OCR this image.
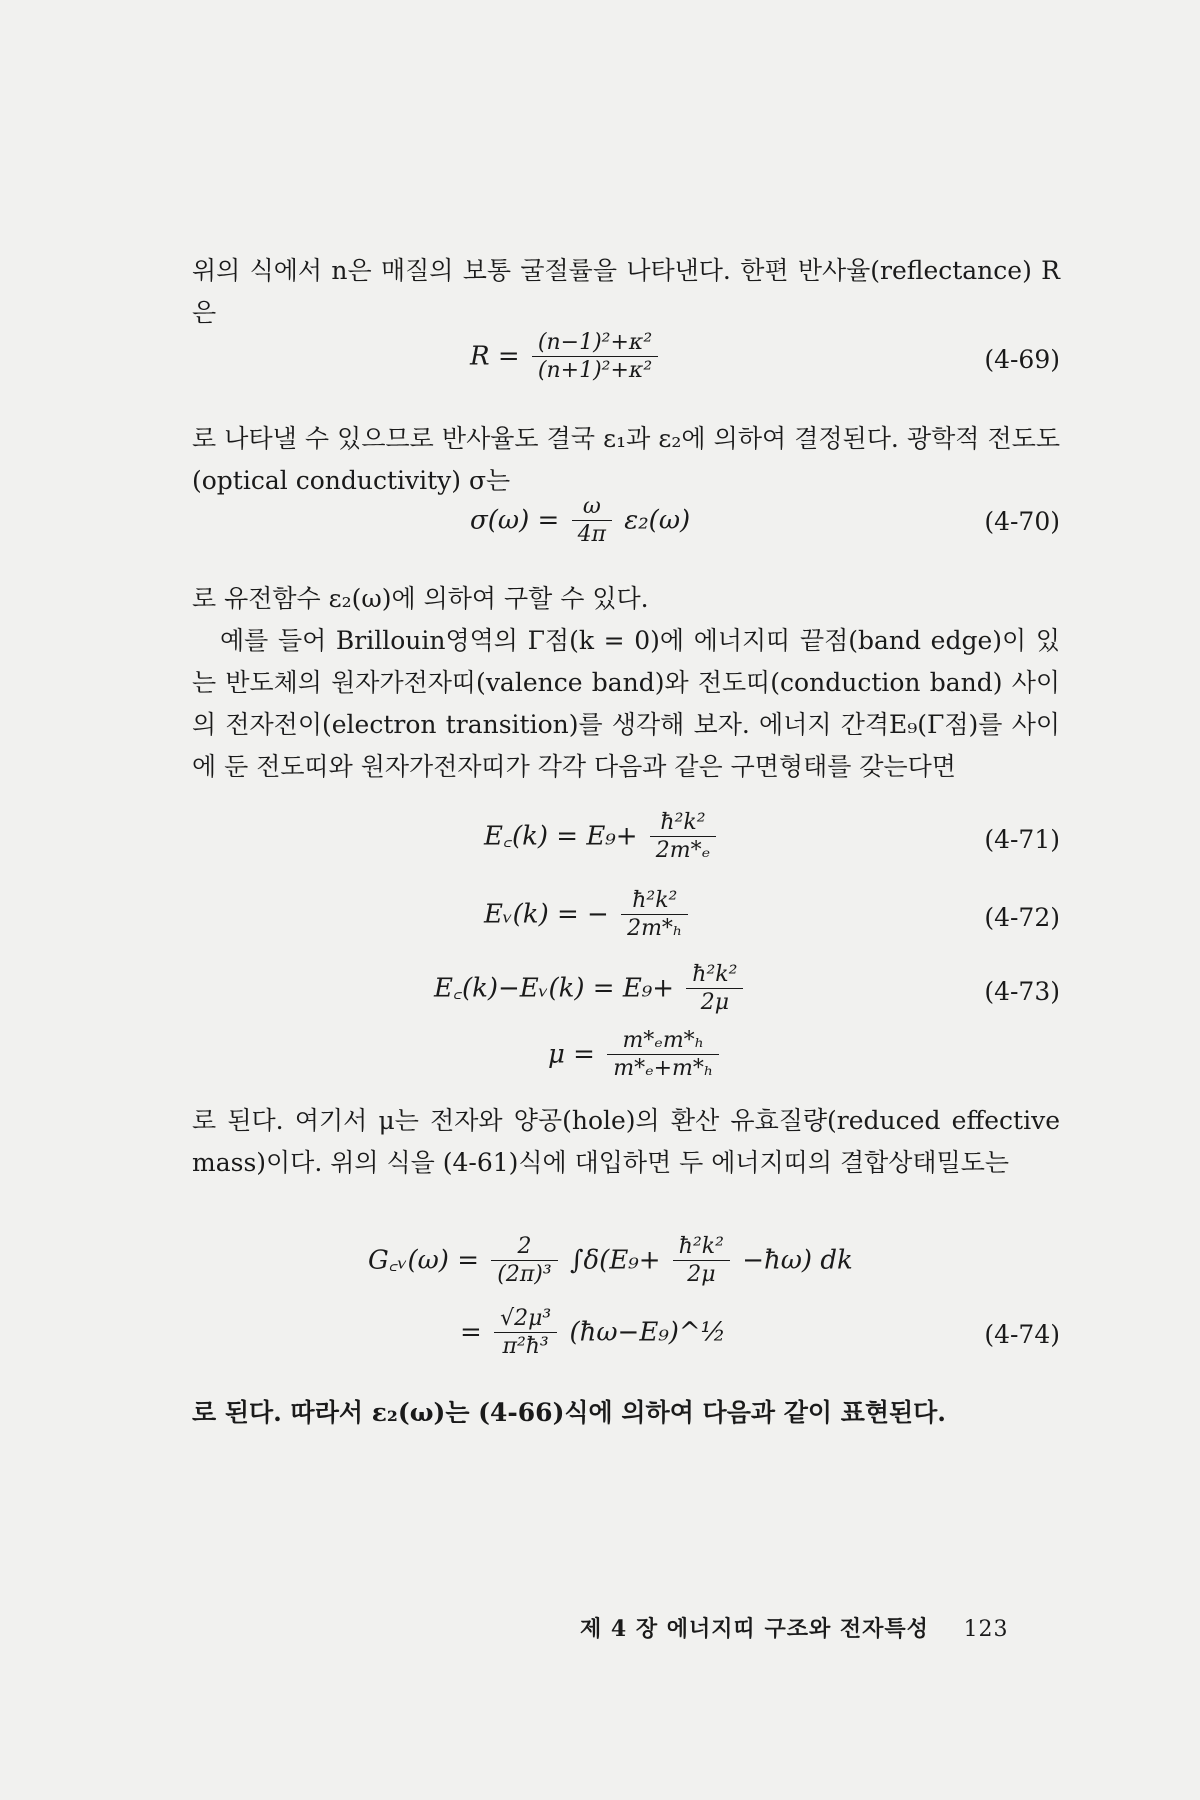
위의 식에서 n은 매질의 보통 굴절률을 나타낸다. 한편 반사율(reflectance) R은
$R = \frac{\text{(n−1)²+κ²}}{\text{(n+1)²+κ²}}$	(4-69)
로 나타낼 수 있으므로 반사율도 결국 ε₁과 ε₂에 의하여 결정된다. 광학적 전도도(optical conductivity) σ는
$\sigma(\omega) = \frac{\omega}{4\pi} \varepsilon_2(\omega)$	(4-70)
로 유전함수 ε₂(ω)에 의하여 구할 수 있다.
예를 들어 Brillouin영역의 Γ점(k = 0)에 에너지띠 끝점(band edge)이 있는 반도체의 원자가전자띠(valence band)와 전도띠(conduction band) 사이의 전자전이(electron transition)를 생각해 보자. 에너지 간격E₉(Γ점)를 사이에 둔 전도띠와 원자가전자띠가 각각 다음과 같은 구면형태를 갖는다면
E꜀(k) = $E_9+ \frac{\text{ħ²k²}}{\text{2m*ₑ}}$	(4-71)
Eᵥ(k) = − $\frac{\text{ħ²k²}}{\text{2m*ₕ}}$	(4-72)
E꜀(k)−Eᵥ(k) = $E_9+ \frac{\text{ħ²k²}}{2\mu}$	(4-73)
$\mu = \frac{\text{m*ₑm*ₕ}}{\text{m*ₑ+m*ₕ}}$
로 된다. 여기서 μ는 전자와 양공(hole)의 환산 유효질량(reduced effective mass)이다. 위의 식을 (4-61)식에 대입하면 두 에너지띠의 결합상태밀도는
G꜀ᵥ(ω) = $\frac{2}{\text{(2π)³}} \int\delta(E_9+ \frac{\text{ħ²k²}}{2\mu}$ −ħω) dk
= $\frac{\text{√2μ³}}{\text{π²ħ³}}$ (ħω−E₉)^½	(4-74)
로 된다. 따라서 ε₂(ω)는 (4-66)식에 의하여 다음과 같이 표현된다.
제 4 장 에너지띠 구조와 전자특성 123
